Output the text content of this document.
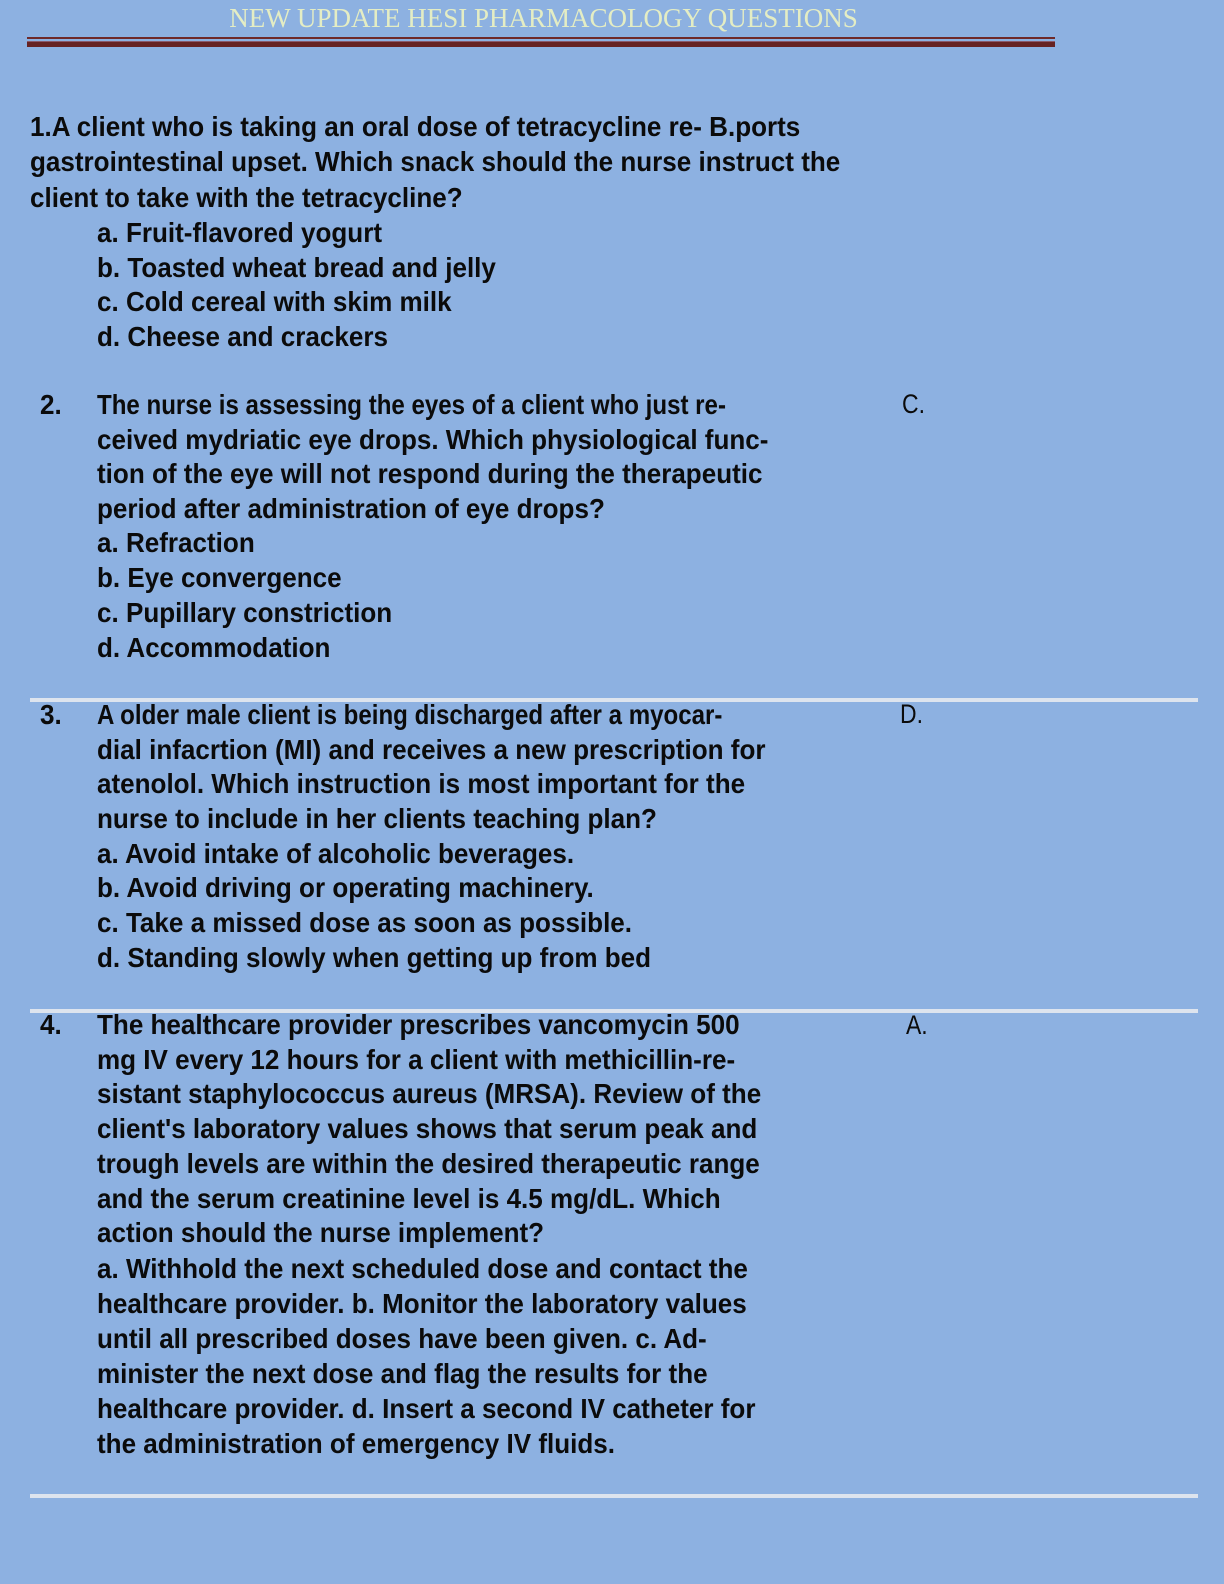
NEW UPDATE HESI PHARMACOLOGY QUESTIONS
1.A client who is taking an oral dose of tetracycline re- B.ports
gastrointestinal upset. Which snack should the nurse instruct the
client to take with the tetracycline?
a. Fruit-flavored yogurt
b. Toasted wheat bread and jelly
c. Cold cereal with skim milk
d. Cheese and crackers
2. The nurse is assessing the eyes of a client who just re-	C.
ceived mydriatic eye drops. Which physiological func-
tion of the eye will not respond during the therapeutic
period after administration of eye drops?
a. Refraction
b. Eye convergence
c. Pupillary constriction
d. Accommodation
3. A older male client is being discharged after a myocar-	D.
dial infacrtion (MI) and receives a new prescription for
atenolol. Which instruction is most important for the
nurse to include in her clients teaching plan?
a. Avoid intake of alcoholic beverages.
b. Avoid driving or operating machinery.
c. Take a missed dose as soon as possible.
d. Standing slowly when getting up from bed
4. The healthcare provider prescribes vancomycin 500	A.
mg IV every 12 hours for a client with methicillin-re-
sistant staphylococcus aureus (MRSA). Review of the
client's laboratory values shows that serum peak and
trough levels are within the desired therapeutic range
and the serum creatinine level is 4.5 mg/dL. Which
action should the nurse implement?
a. Withhold the next scheduled dose and contact the
healthcare provider. b. Monitor the laboratory values
until all prescribed doses have been given. c. Ad-
minister the next dose and flag the results for the
healthcare provider. d. Insert a second IV catheter for
the administration of emergency IV fluids.
